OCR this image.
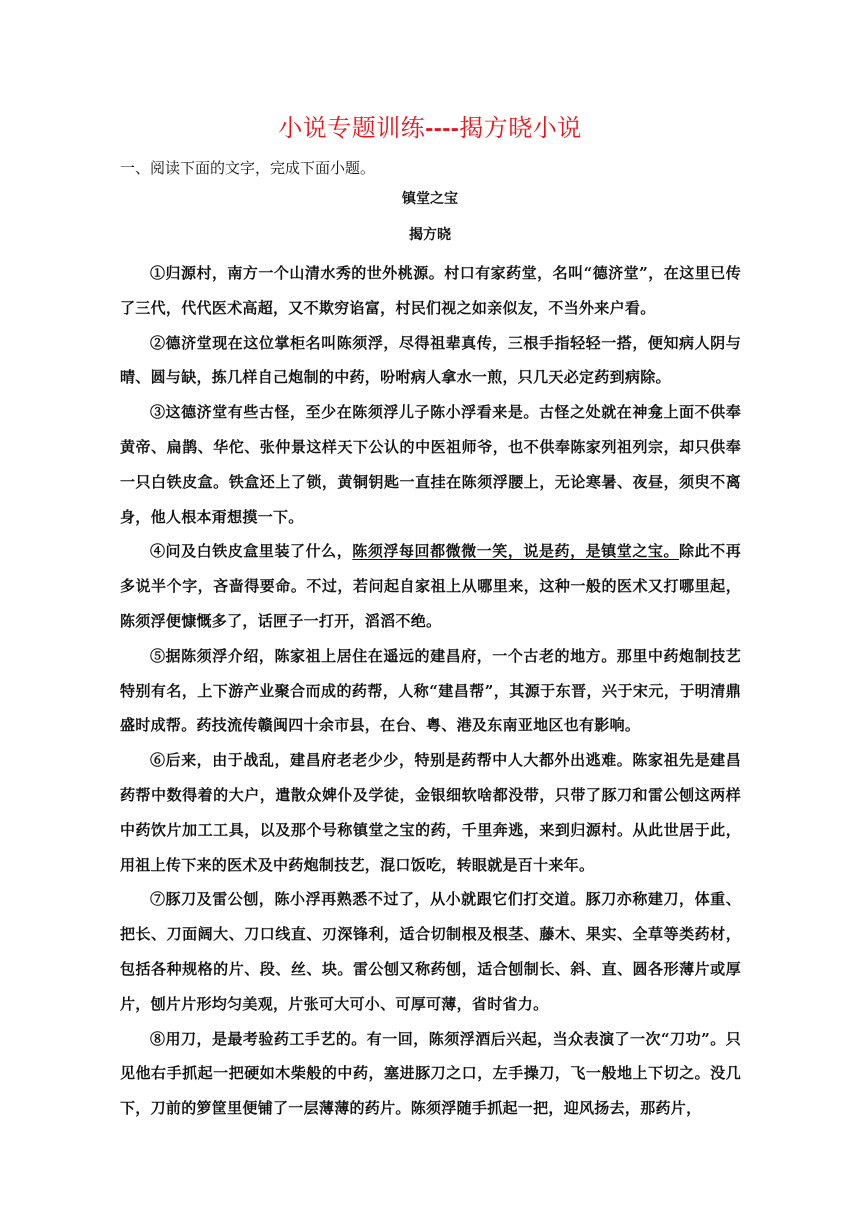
小说专题训练----揭方晓小说
一、阅读下面的文字，完成下面小题。
镇堂之宝
揭方晓

①归源村，南方一个山清水秀的世外桃源。村口有家药堂，名叫“德济堂”，在这里已传了三代，代代医术高超，又不欺穷谄富，村民们视之如亲似友，不当外来户看。

②德济堂现在这位掌柜名叫陈须浮，尽得祖辈真传，三根手指轻轻一搭，便知病人阴与晴、圆与缺，拣几样自己炮制的中药，吩咐病人拿水一煎，只几天必定药到病除。

③这德济堂有些古怪，至少在陈须浮儿子陈小浮看来是。古怪之处就在神龛上面不供奉黄帝、扁鹊、华佗、张仲景这样天下公认的中医祖师爷，也不供奉陈家列祖列宗，却只供奉一只白铁皮盒。铁盒还上了锁，黄铜钥匙一直挂在陈须浮腰上，无论寒暑、夜昼，须臾不离身，他人根本甭想摸一下。

④问及白铁皮盒里装了什么，陈须浮每回都微微一笑，说是药，是镇堂之宝。除此不再多说半个字，吝啬得要命。不过，若问起自家祖上从哪里来，这种一般的医术又打哪里起，陈须浮便慷慨多了，话匣子一打开，滔滔不绝。

⑤据陈须浮介绍，陈家祖上居住在遥远的建昌府，一个古老的地方。那里中药炮制技艺特别有名，上下游产业聚合而成的药帮，人称“建昌帮”，其源于东晋，兴于宋元，于明清鼎盛时成帮。药技流传赣闽四十余市县，在台、粤、港及东南亚地区也有影响。

⑥后来，由于战乱，建昌府老老少少，特别是药帮中人大都外出逃难。陈家祖先是建昌药帮中数得着的大户，遣散众婢仆及学徒，金银细软啥都没带，只带了豚刀和雷公刨这两样中药饮片加工工具，以及那个号称镇堂之宝的药，千里奔逃，来到归源村。从此世居于此，用祖上传下来的医术及中药炮制技艺，混口饭吃，转眼就是百十来年。

⑦豚刀及雷公刨，陈小浮再熟悉不过了，从小就跟它们打交道。豚刀亦称建刀，体重、把长、刀面阔大、刀口线直、刃深锋利，适合切制根及根茎、藤木、果实、全草等类药材，包括各种规格的片、段、丝、块。雷公刨又称药刨，适合刨制长、斜、直、圆各形薄片或厚片，刨片片形均匀美观，片张可大可小、可厚可薄，省时省力。

⑧用刀，是最考验药工手艺的。有一回，陈须浮酒后兴起，当众表演了一次“刀功”。只见他右手抓起一把硬如木柴般的中药，塞进豚刀之口，左手操刀，飞一般地上下切之。没几下，刀前的箩筐里便铺了一层薄薄的药片。陈须浮随手抓起一把，迎风扬去，那药片，
